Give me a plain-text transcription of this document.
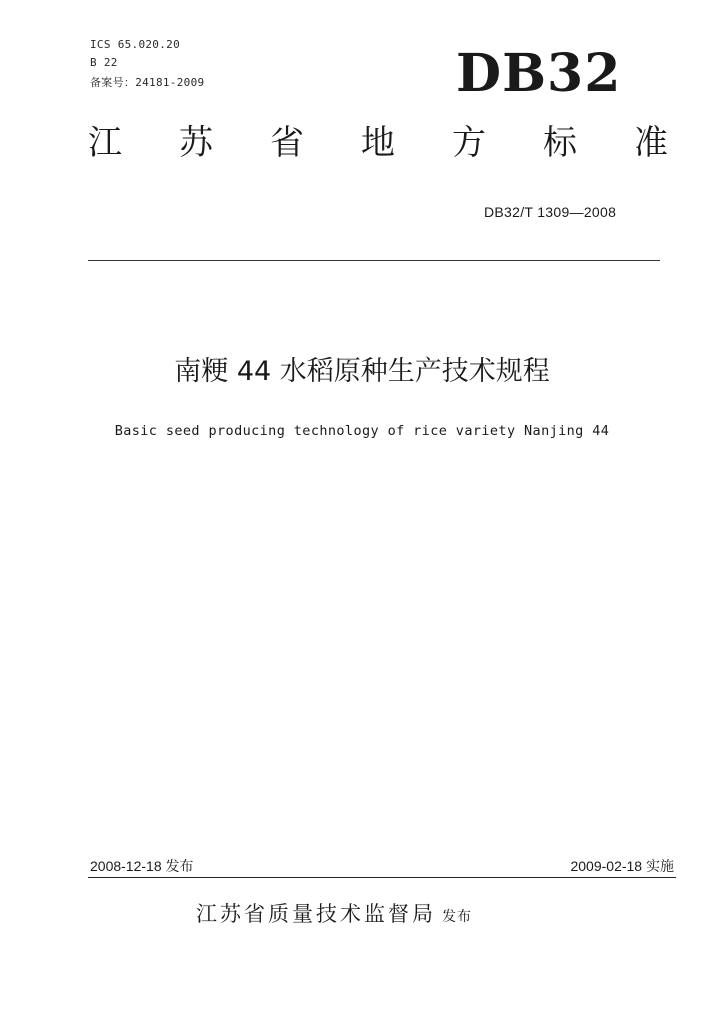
ICS 65.020.20
B 22
备案号：24181-2009	DB32
江 苏 省 地 方 标 准
DB32/T 1309—2008
南粳 44 水稻原种生产技术规程
Basic seed producing technology of rice variety Nanjing 44
2008-12-18 发布	2009-02-18 实施
江苏省质量技术监督局 发布
